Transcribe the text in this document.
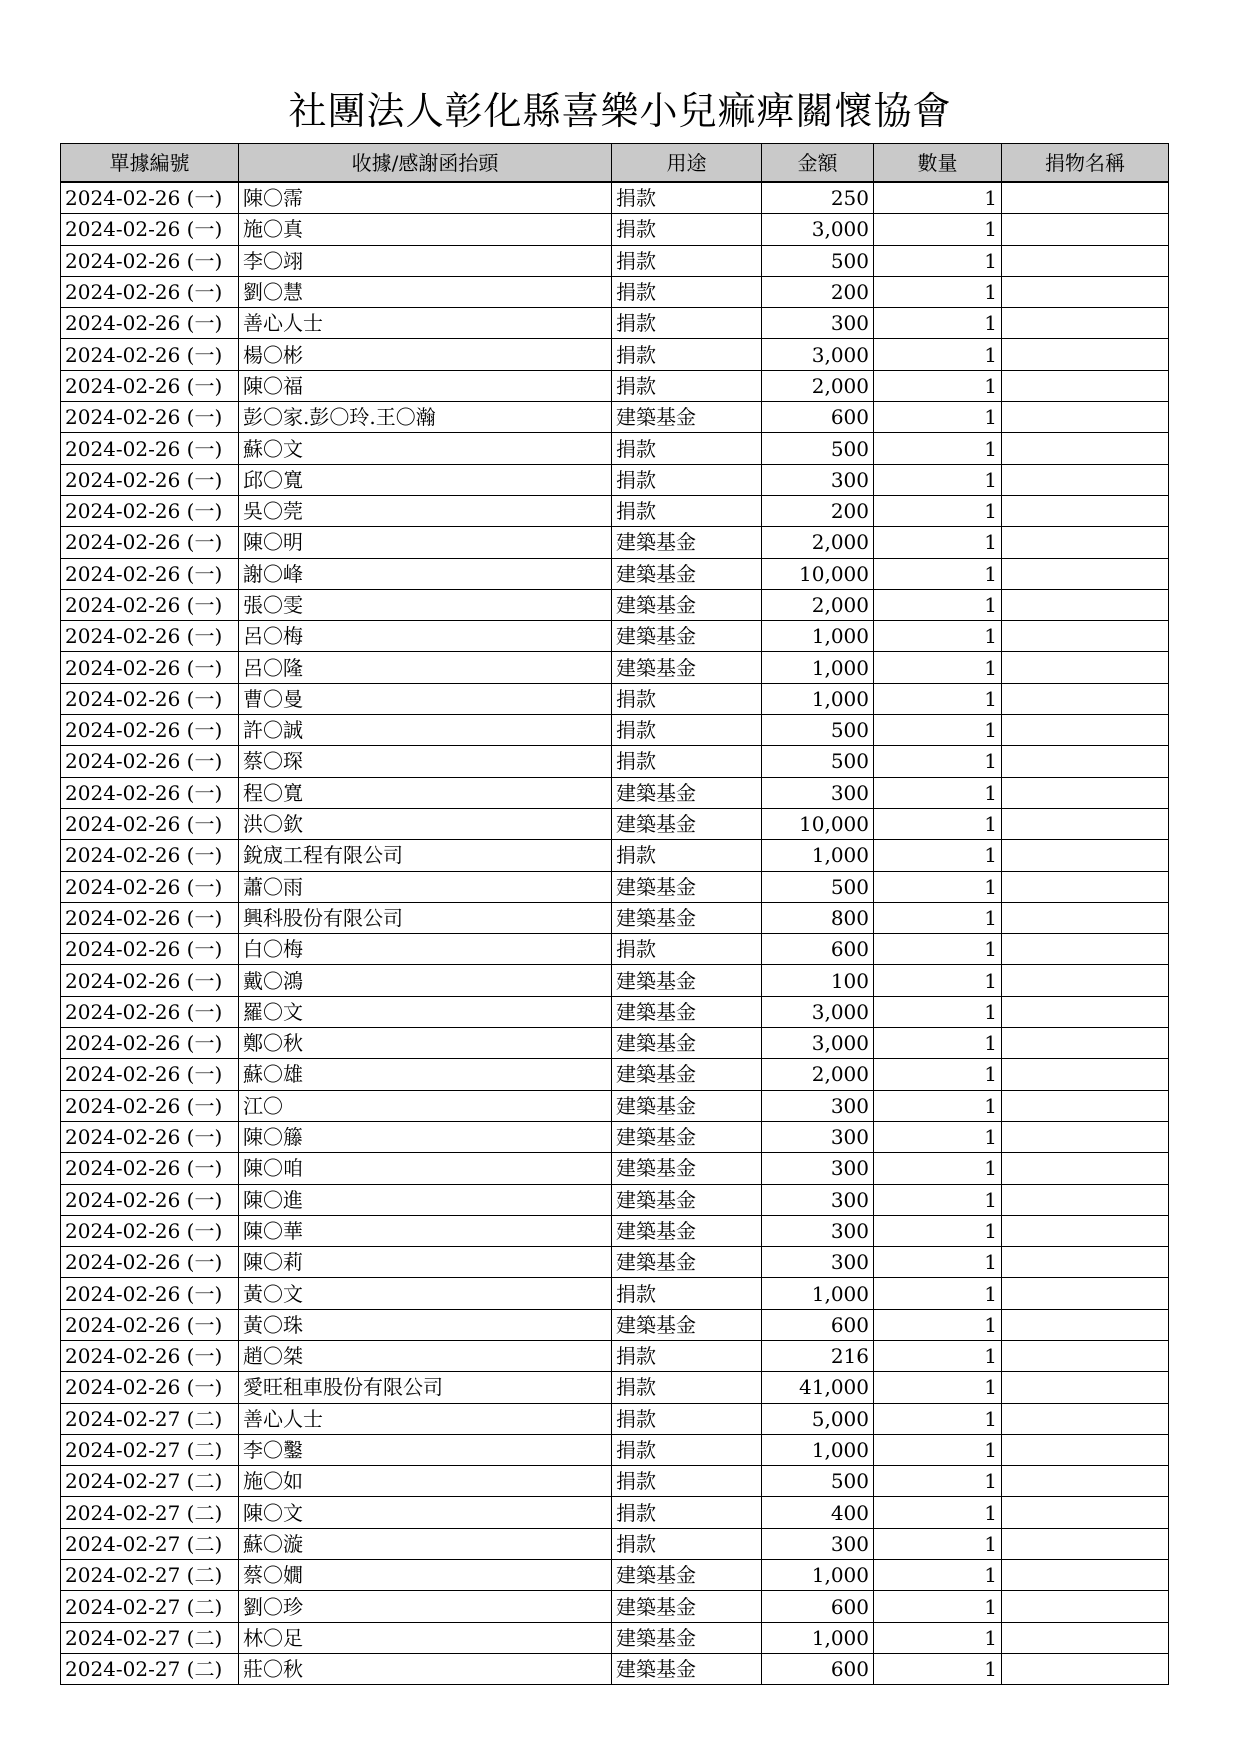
社團法人彰化縣喜樂小兒痲痺關懷協會
單據編號	收據/感謝函抬頭	用途	金額	數量	捐物名稱
2024-02-26 (一)	陳〇霈	捐款	250	1	
2024-02-26 (一)	施〇真	捐款	3,000	1	
2024-02-26 (一)	李〇翊	捐款	500	1	
2024-02-26 (一)	劉〇慧	捐款	200	1	
2024-02-26 (一)	善心人士	捐款	300	1	
2024-02-26 (一)	楊〇彬	捐款	3,000	1	
2024-02-26 (一)	陳〇福	捐款	2,000	1	
2024-02-26 (一)	彭〇家.彭〇玲.王〇瀚	建築基金	600	1	
2024-02-26 (一)	蘇〇文	捐款	500	1	
2024-02-26 (一)	邱〇寬	捐款	300	1	
2024-02-26 (一)	吳〇莞	捐款	200	1	
2024-02-26 (一)	陳〇明	建築基金	2,000	1	
2024-02-26 (一)	謝〇峰	建築基金	10,000	1	
2024-02-26 (一)	張〇雯	建築基金	2,000	1	
2024-02-26 (一)	呂〇梅	建築基金	1,000	1	
2024-02-26 (一)	呂〇隆	建築基金	1,000	1	
2024-02-26 (一)	曹〇曼	捐款	1,000	1	
2024-02-26 (一)	許〇誠	捐款	500	1	
2024-02-26 (一)	蔡〇琛	捐款	500	1	
2024-02-26 (一)	程〇寬	建築基金	300	1	
2024-02-26 (一)	洪〇欽	建築基金	10,000	1	
2024-02-26 (一)	銳宬工程有限公司	捐款	1,000	1	
2024-02-26 (一)	蕭〇雨	建築基金	500	1	
2024-02-26 (一)	興科股份有限公司	建築基金	800	1	
2024-02-26 (一)	白〇梅	捐款	600	1	
2024-02-26 (一)	戴〇鴻	建築基金	100	1	
2024-02-26 (一)	羅〇文	建築基金	3,000	1	
2024-02-26 (一)	鄭〇秋	建築基金	3,000	1	
2024-02-26 (一)	蘇〇雄	建築基金	2,000	1	
2024-02-26 (一)	江〇	建築基金	300	1	
2024-02-26 (一)	陳〇籐	建築基金	300	1	
2024-02-26 (一)	陳〇咱	建築基金	300	1	
2024-02-26 (一)	陳〇進	建築基金	300	1	
2024-02-26 (一)	陳〇華	建築基金	300	1	
2024-02-26 (一)	陳〇莉	建築基金	300	1	
2024-02-26 (一)	黃〇文	捐款	1,000	1	
2024-02-26 (一)	黃〇珠	建築基金	600	1	
2024-02-26 (一)	趙〇桀	捐款	216	1	
2024-02-26 (一)	愛旺租車股份有限公司	捐款	41,000	1	
2024-02-27 (二)	善心人士	捐款	5,000	1	
2024-02-27 (二)	李〇鑿	捐款	1,000	1	
2024-02-27 (二)	施〇如	捐款	500	1	
2024-02-27 (二)	陳〇文	捐款	400	1	
2024-02-27 (二)	蘇〇漩	捐款	300	1	
2024-02-27 (二)	蔡〇嫺	建築基金	1,000	1	
2024-02-27 (二)	劉〇珍	建築基金	600	1	
2024-02-27 (二)	林〇足	建築基金	1,000	1	
2024-02-27 (二)	莊〇秋	建築基金	600	1	
